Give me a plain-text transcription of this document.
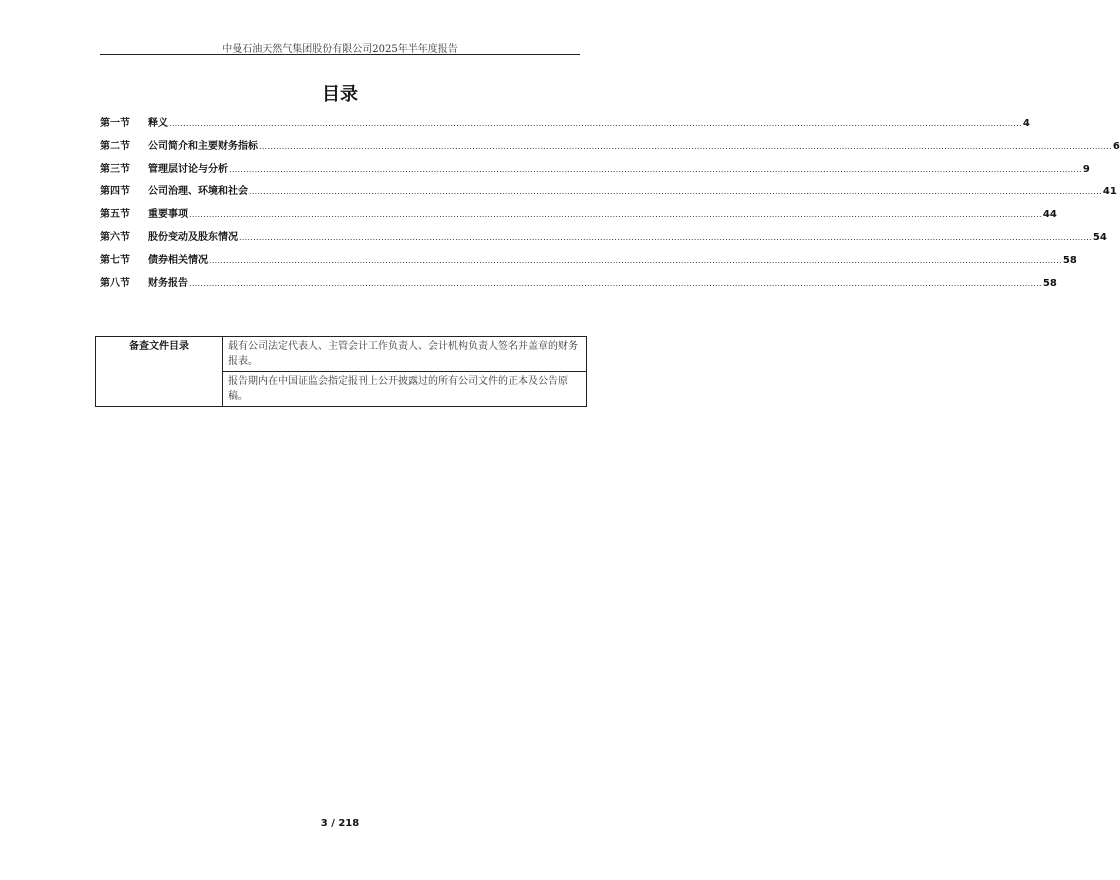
中曼石油天然气集团股份有限公司2025年半年度报告
目录
第一节	释义 ............................................................................................................................................................................................................................................................................................................ 4
第二节	公司简介和主要财务指标 ............................................................................................................................................................................................................................................................................................................ 6
第三节	管理层讨论与分析 ............................................................................................................................................................................................................................................................................................................ 9
第四节	公司治理、环境和社会 ............................................................................................................................................................................................................................................................................................................ 41
第五节	重要事项 ............................................................................................................................................................................................................................................................................................................ 44
第六节	股份变动及股东情况 ............................................................................................................................................................................................................................................................................................................ 54
第七节	债券相关情况 ............................................................................................................................................................................................................................................................................................................ 58
第八节	财务报告 ............................................................................................................................................................................................................................................................................................................ 58
备查文件目录	载有公司法定代表人、主管会计工作负责人、会计机构负责人签名并盖章的财务报表。
报告期内在中国证监会指定报刊上公开披露过的所有公司文件的正本及公告原稿。
3 / 218
